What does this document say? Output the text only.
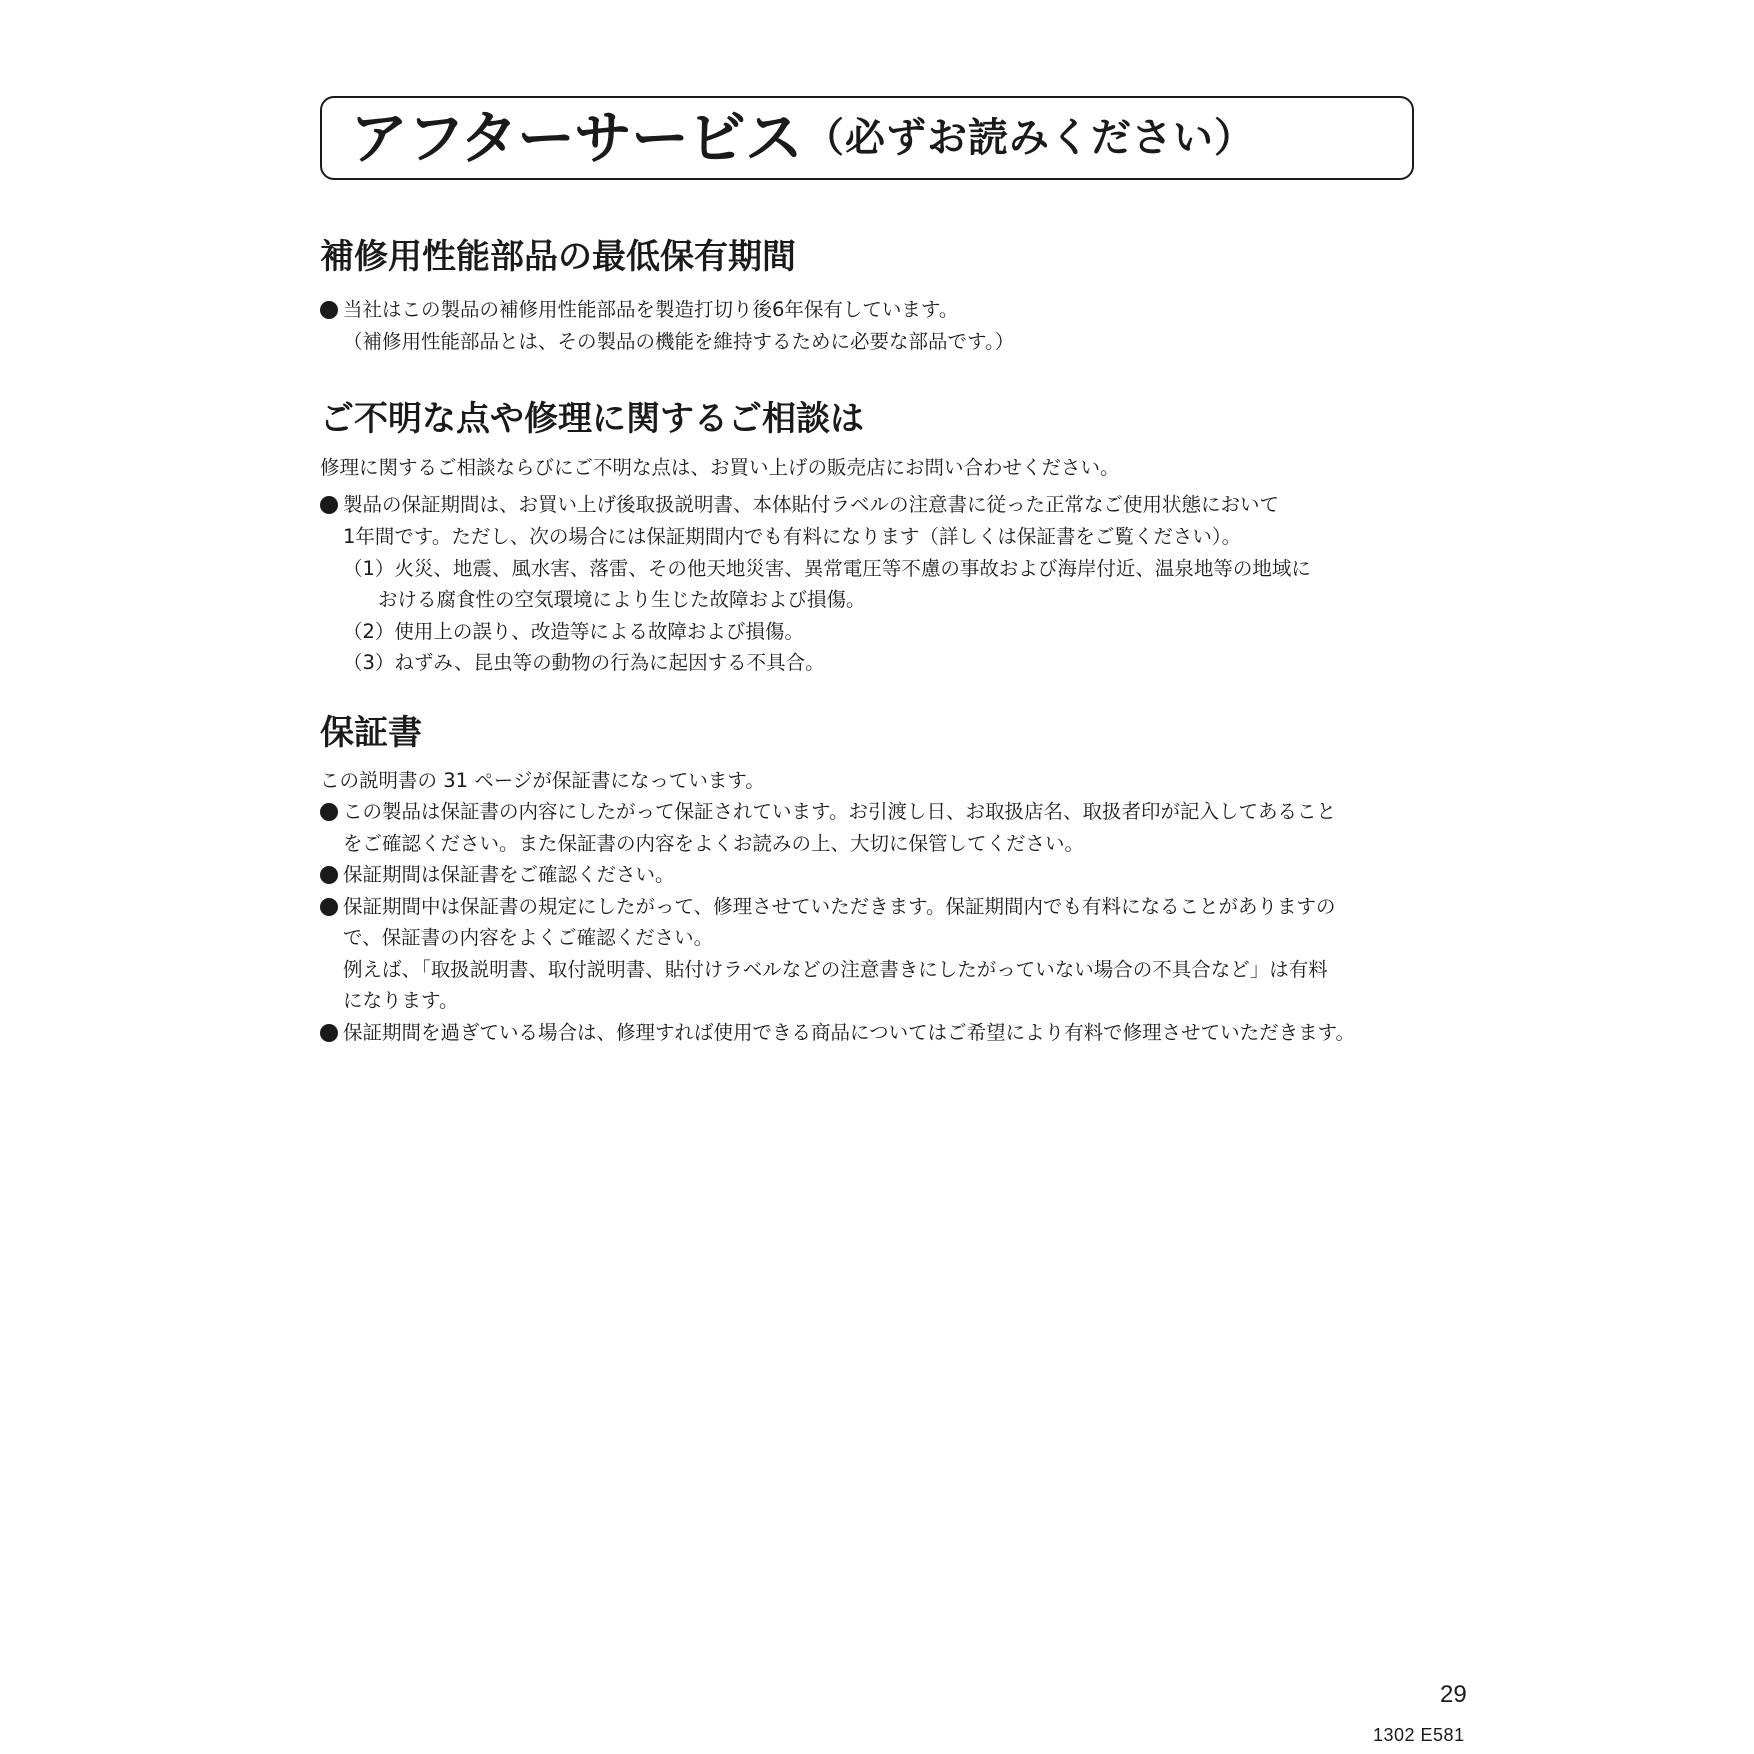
アフターサービス （必ずお読みください）
補修用性能部品の最低保有期間
当社はこの製品の補修用性能部品を製造打切り後6年保有しています。
（補修用性能部品とは、その製品の機能を維持するために必要な部品です。）
ご不明な点や修理に関するご相談は
修理に関するご相談ならびにご不明な点は、お買い上げの販売店にお問い合わせください。
製品の保証期間は、お買い上げ後取扱説明書、本体貼付ラベルの注意書に従った正常なご使用状態において
1年間です。ただし、次の場合には保証期間内でも有料になります（詳しくは保証書をご覧ください）。
（1）火災、地震、風水害、落雷、その他天地災害、異常電圧等不慮の事故および海岸付近、温泉地等の地域に
おける腐食性の空気環境により生じた故障および損傷。
（2）使用上の誤り、改造等による故障および損傷。
（3）ねずみ、昆虫等の動物の行為に起因する不具合。
保証書
この説明書の 31 ページが保証書になっています。
この製品は保証書の内容にしたがって保証されています。お引渡し日、お取扱店名、取扱者印が記入してあること
をご確認ください。また保証書の内容をよくお読みの上、大切に保管してください。
保証期間は保証書をご確認ください。
保証期間中は保証書の規定にしたがって、修理させていただきます。保証期間内でも有料になることがありますの
で、保証書の内容をよくご確認ください。
例えば、「取扱説明書、取付説明書、貼付けラベルなどの注意書きにしたがっていない場合の不具合など」は有料
になります。
保証期間を過ぎている場合は、修理すれば使用できる商品についてはご希望により有料で修理させていただきます。
29
1302 E581
